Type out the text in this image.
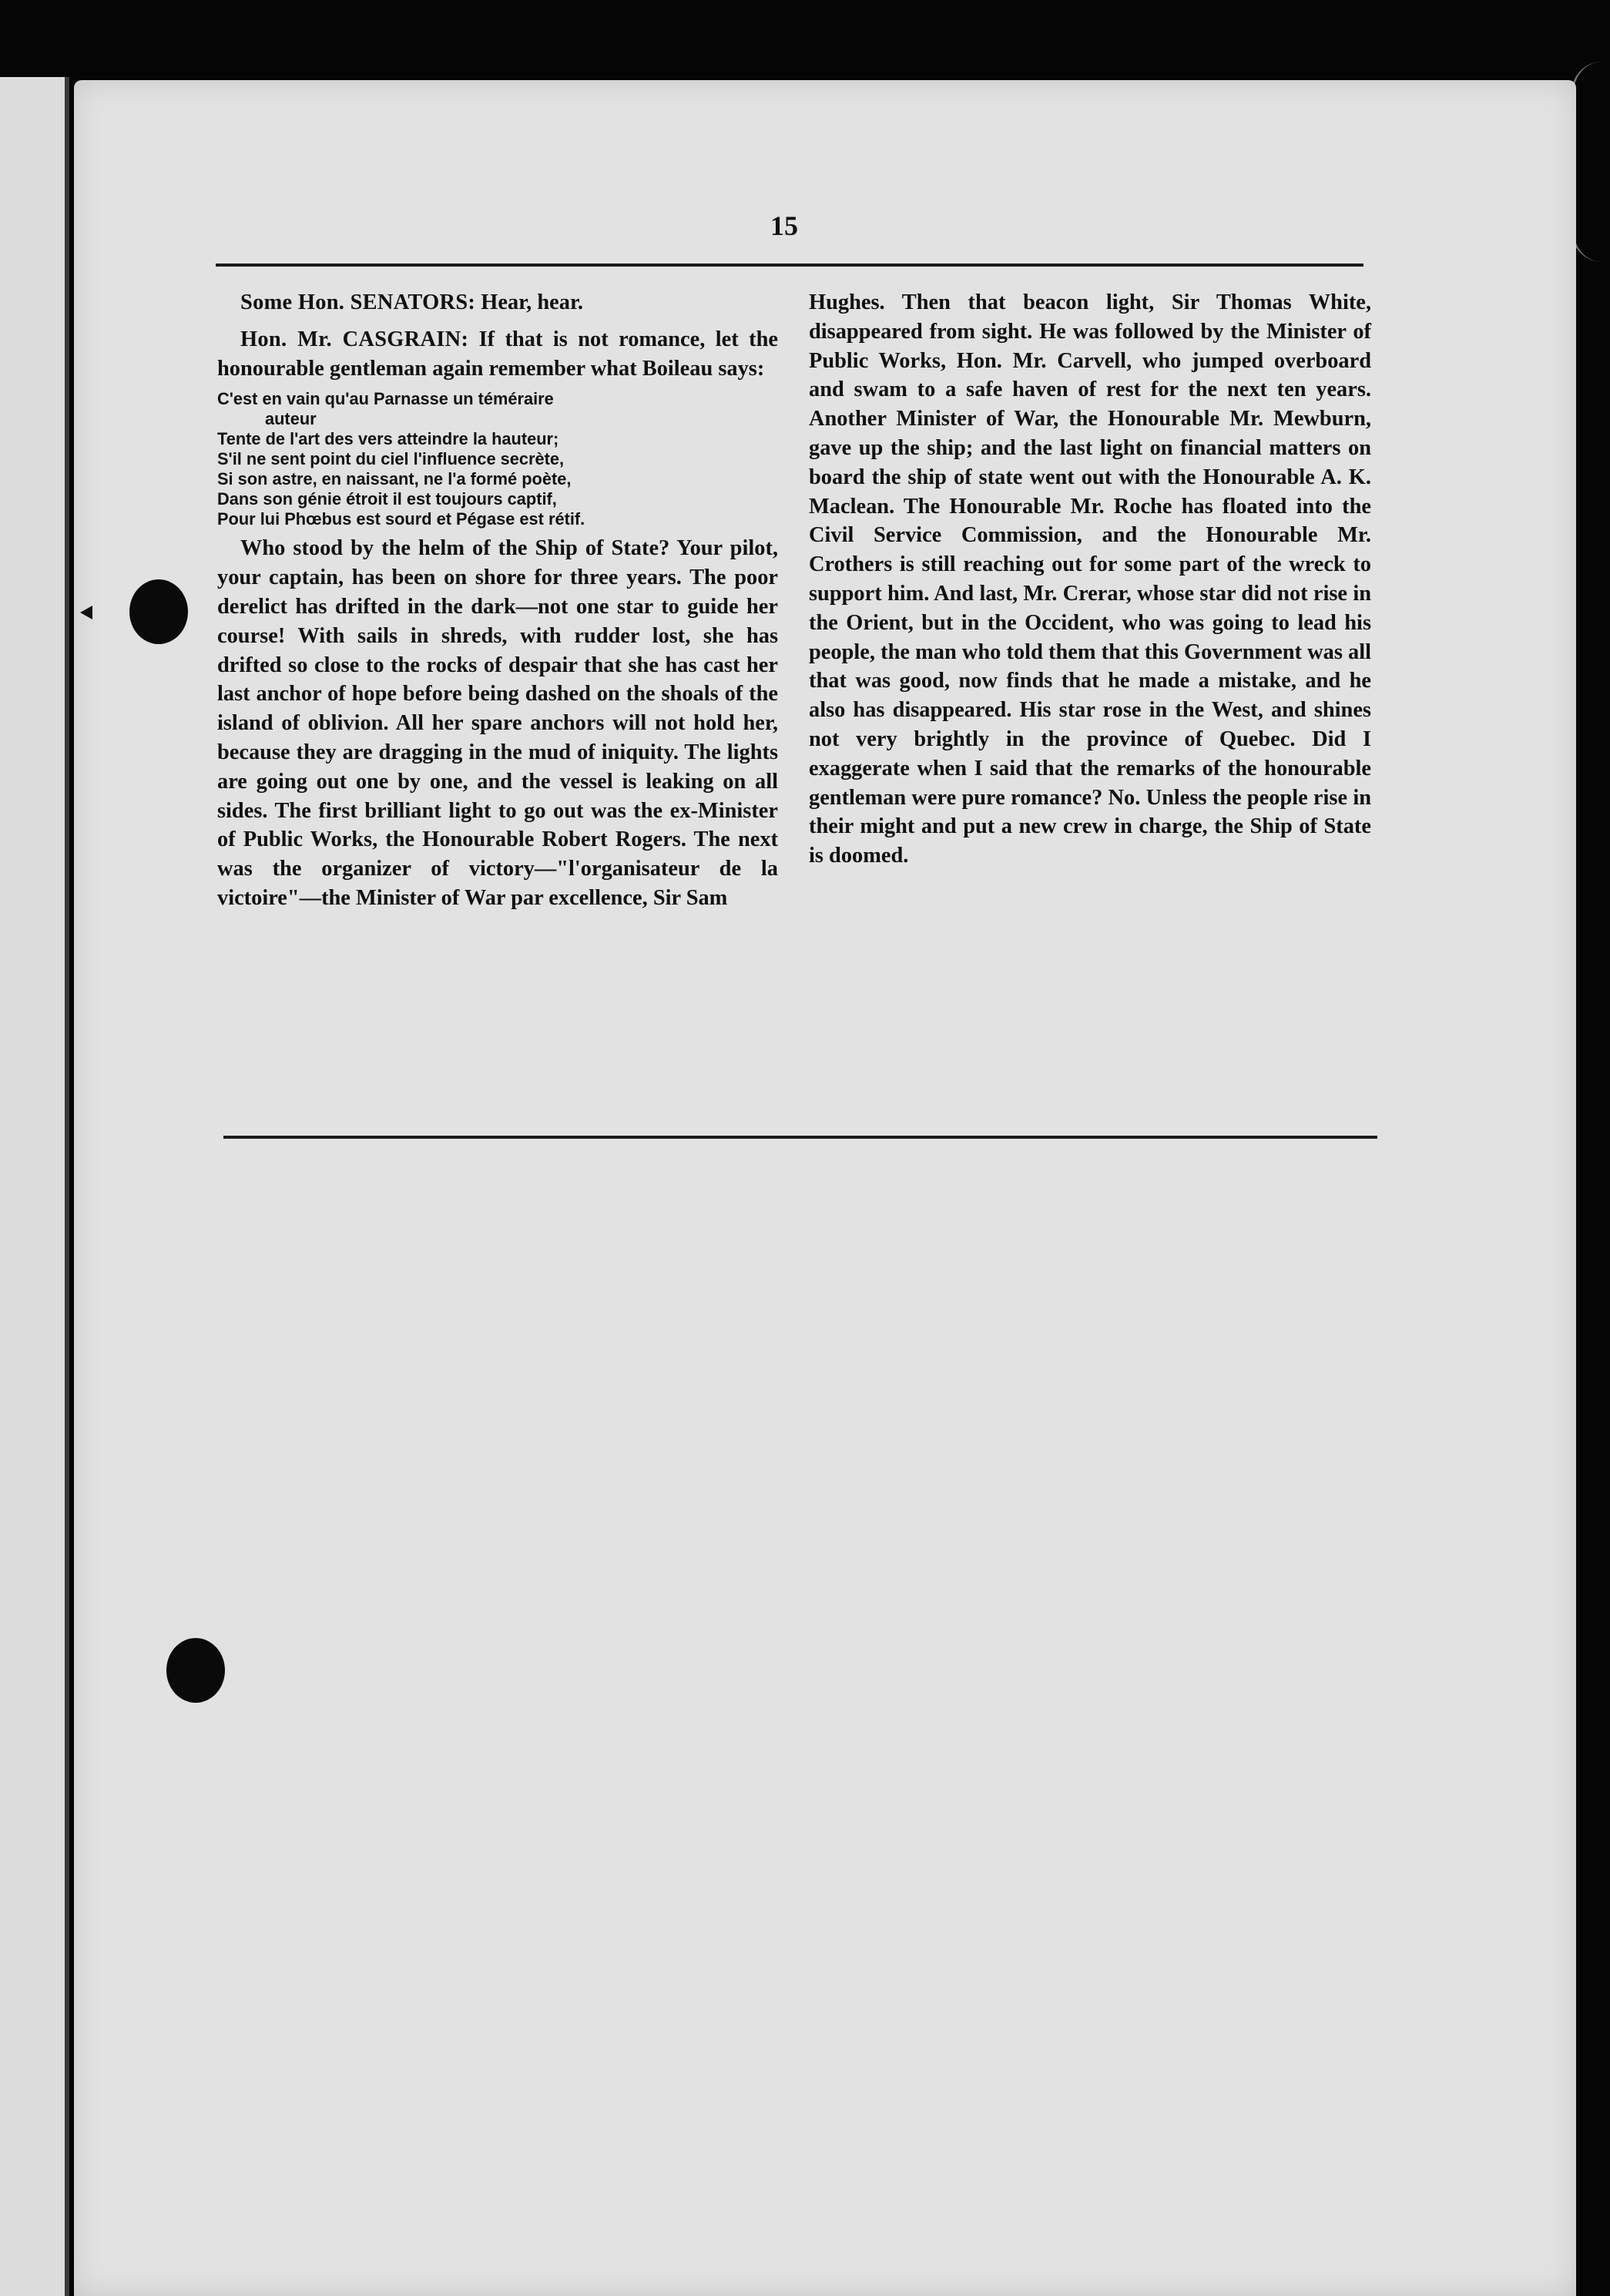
15

Some Hon. SENATORS: Hear, hear.

Hon. Mr. CASGRAIN: If that is not romance, let the honourable gentleman again remember what Boileau says:

C'est en vain qu'au Parnasse un téméraire
auteur
Tente de l'art des vers atteindre la hauteur;
S'il ne sent point du ciel l'influence secrète,
Si son astre, en naissant, ne l'a formé poète,
Dans son génie étroit il est toujours captif,
Pour lui Phœbus est sourd et Pégase est rétif.

Who stood by the helm of the Ship of State? Your pilot, your captain, has been on shore for three years. The poor derelict has drifted in the dark—not one star to guide her course! With sails in shreds, with rudder lost, she has drifted so close to the rocks of despair that she has cast her last anchor of hope before being dashed on the shoals of the island of oblivion. All her spare anchors will not hold her, because they are dragging in the mud of iniquity. The lights are going out one by one, and the vessel is leaking on all sides. The first brilliant light to go out was the ex-Minister of Public Works, the Honourable Robert Rogers. The next was the organizer of victory—"l'organisateur de la victoire"—the Minister of War par excellence, Sir Sam

Hughes. Then that beacon light, Sir Thomas White, disappeared from sight. He was followed by the Minister of Public Works, Hon. Mr. Carvell, who jumped overboard and swam to a safe haven of rest for the next ten years. Another Minister of War, the Honourable Mr. Mewburn, gave up the ship; and the last light on financial matters on board the ship of state went out with the Honourable A. K. Maclean. The Honourable Mr. Roche has floated into the Civil Service Commission, and the Honourable Mr. Crothers is still reaching out for some part of the wreck to support him. And last, Mr. Crerar, whose star did not rise in the Orient, but in the Occident, who was going to lead his people, the man who told them that this Government was all that was good, now finds that he made a mistake, and he also has disappeared. His star rose in the West, and shines not very brightly in the province of Quebec. Did I exaggerate when I said that the remarks of the honourable gentleman were pure romance? No. Unless the people rise in their might and put a new crew in charge, the Ship of State is doomed.
